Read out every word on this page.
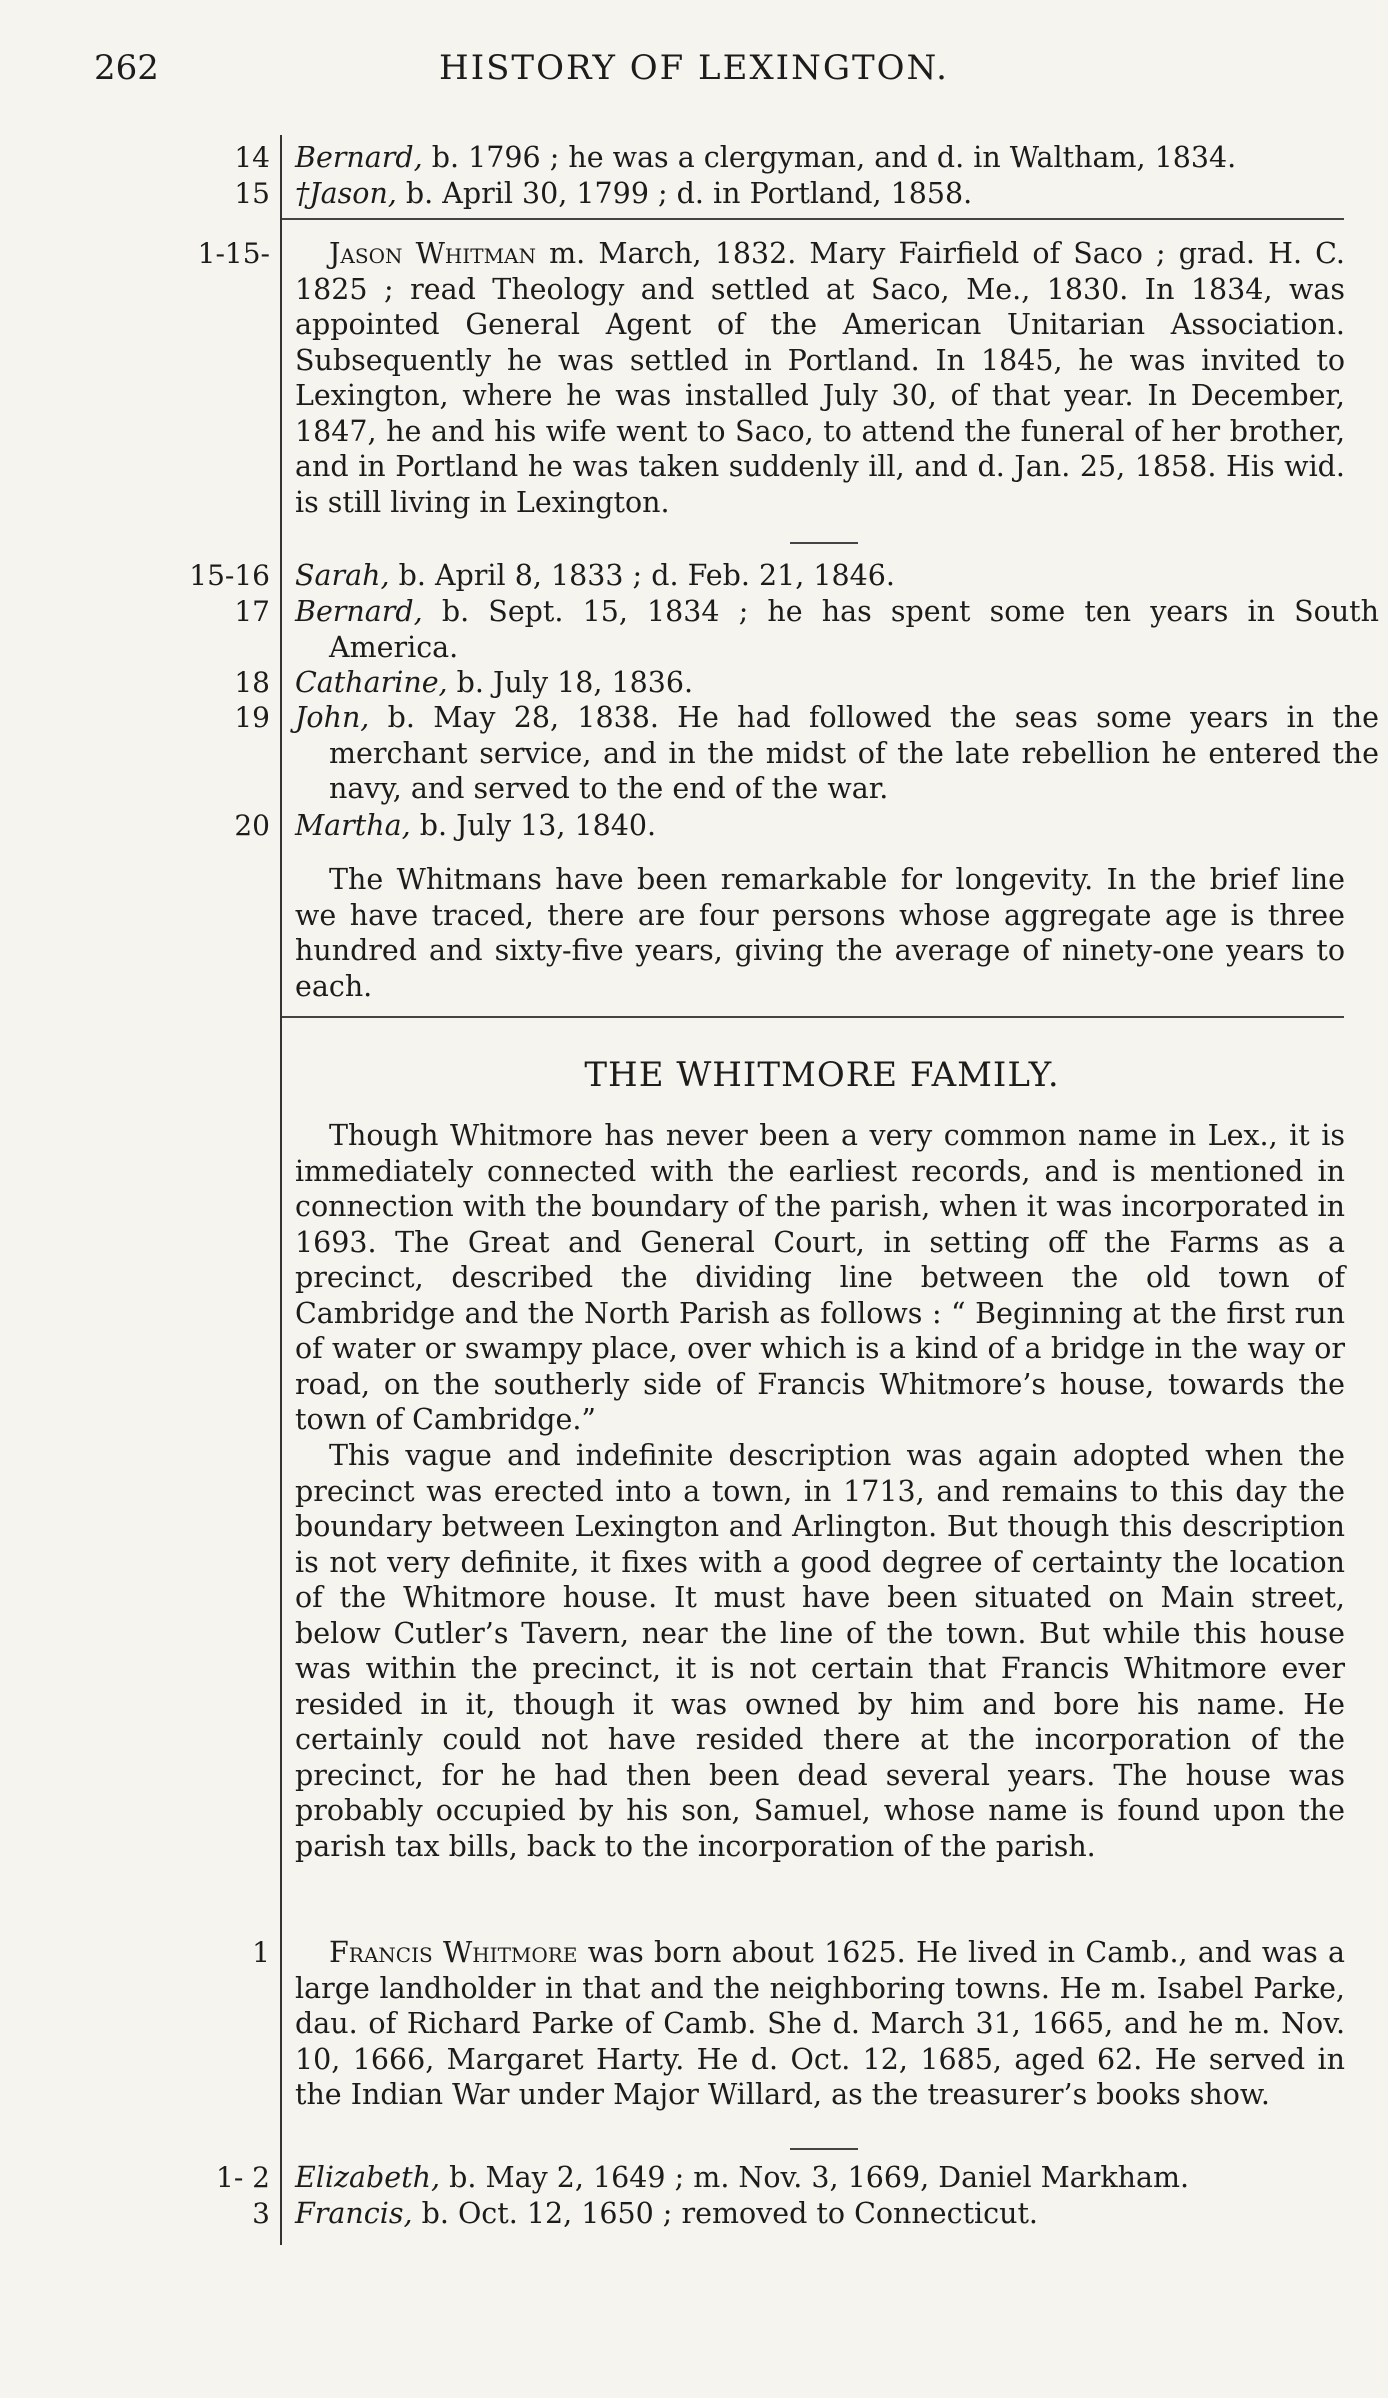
262	HISTORY OF LEXINGTON.
14 Bernard, b. 1796 ; he was a clergyman, and d. in Waltham, 1834.
15 †Jason, b. April 30, 1799 ; d. in Portland, 1858.
1-15-	Jason Whitman m. March, 1832. Mary Fairfield of Saco ; grad. H. C. 1825 ; read Theology and settled at Saco, Me., 1830. In 1834, was appointed General Agent of the American Unitarian Association. Subsequently he was settled in Portland. In 1845, he was invited to Lexington, where he was installed July 30, of that year. In December, 1847, he and his wife went to Saco, to attend the funeral of her brother, and in Portland he was taken suddenly ill, and d. Jan. 25, 1858. His wid. is still living in Lexington.
15-16 Sarah, b. April 8, 1833 ; d. Feb. 21, 1846.
17 Bernard, b. Sept. 15, 1834 ; he has spent some ten years in South America.
18 Catharine, b. July 18, 1836.
19 John, b. May 28, 1838. He had followed the seas some years in the merchant service, and in the midst of the late rebellion he entered the navy, and served to the end of the war.
20 Martha, b. July 13, 1840.
The Whitmans have been remarkable for longevity. In the brief line we have traced, there are four persons whose aggregate age is three hundred and sixty-five years, giving the average of ninety-one years to each.
THE WHITMORE FAMILY.
Though Whitmore has never been a very common name in Lex., it is immediately connected with the earliest records, and is mentioned in connection with the boundary of the parish, when it was incorporated in 1693. The Great and General Court, in setting off the Farms as a precinct, described the dividing line between the old town of Cambridge and the North Parish as follows : “ Beginning at the first run of water or swampy place, over which is a kind of a bridge in the way or road, on the southerly side of Francis Whitmore’s house, towards the town of Cambridge.”
This vague and indefinite description was again adopted when the precinct was erected into a town, in 1713, and remains to this day the boundary between Lexington and Arlington. But though this description is not very definite, it fixes with a good degree of certainty the location of the Whitmore house. It must have been situated on Main street, below Cutler’s Tavern, near the line of the town. But while this house was within the precinct, it is not certain that Francis Whitmore ever resided in it, though it was owned by him and bore his name. He certainly could not have resided there at the incorporation of the precinct, for he had then been dead several years. The house was probably occupied by his son, Samuel, whose name is found upon the parish tax bills, back to the incorporation of the parish.
1	Francis Whitmore was born about 1625. He lived in Camb., and was a large landholder in that and the neighboring towns. He m. Isabel Parke, dau. of Richard Parke of Camb. She d. March 31, 1665, and he m. Nov. 10, 1666, Margaret Harty. He d. Oct. 12, 1685, aged 62. He served in the Indian War under Major Willard, as the treasurer’s books show.
1- 2 Elizabeth, b. May 2, 1649 ; m. Nov. 3, 1669, Daniel Markham.
3 Francis, b. Oct. 12, 1650 ; removed to Connecticut.
